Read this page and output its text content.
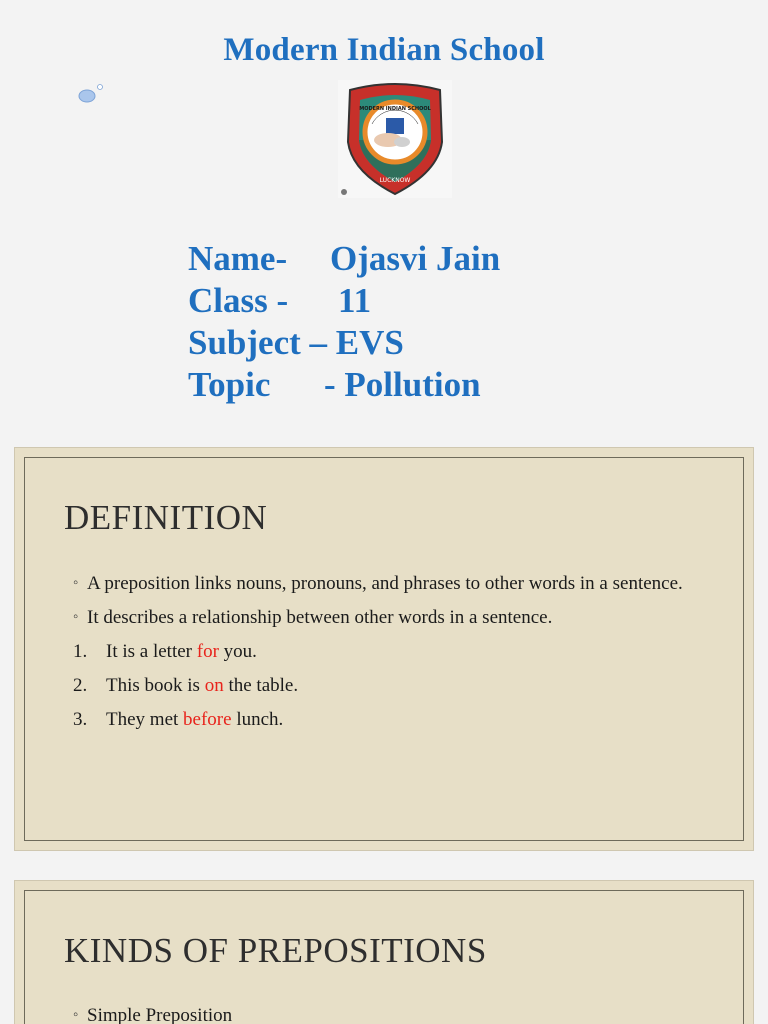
Modern Indian School
MODERN INDIAN SCHOOL
LUCKNOW
Name- Ojasvi Jain
Class - 11
Subject – EVS
Topic - Pollution
DEFINITION
◦ A preposition links nouns, pronouns, and phrases to other words in a sentence.
◦ It describes a relationship between other words in a sentence.
1. It is a letter for you.
2. This book is on the table.
3. They met before lunch.
KINDS OF PREPOSITIONS
◦ Simple Preposition
